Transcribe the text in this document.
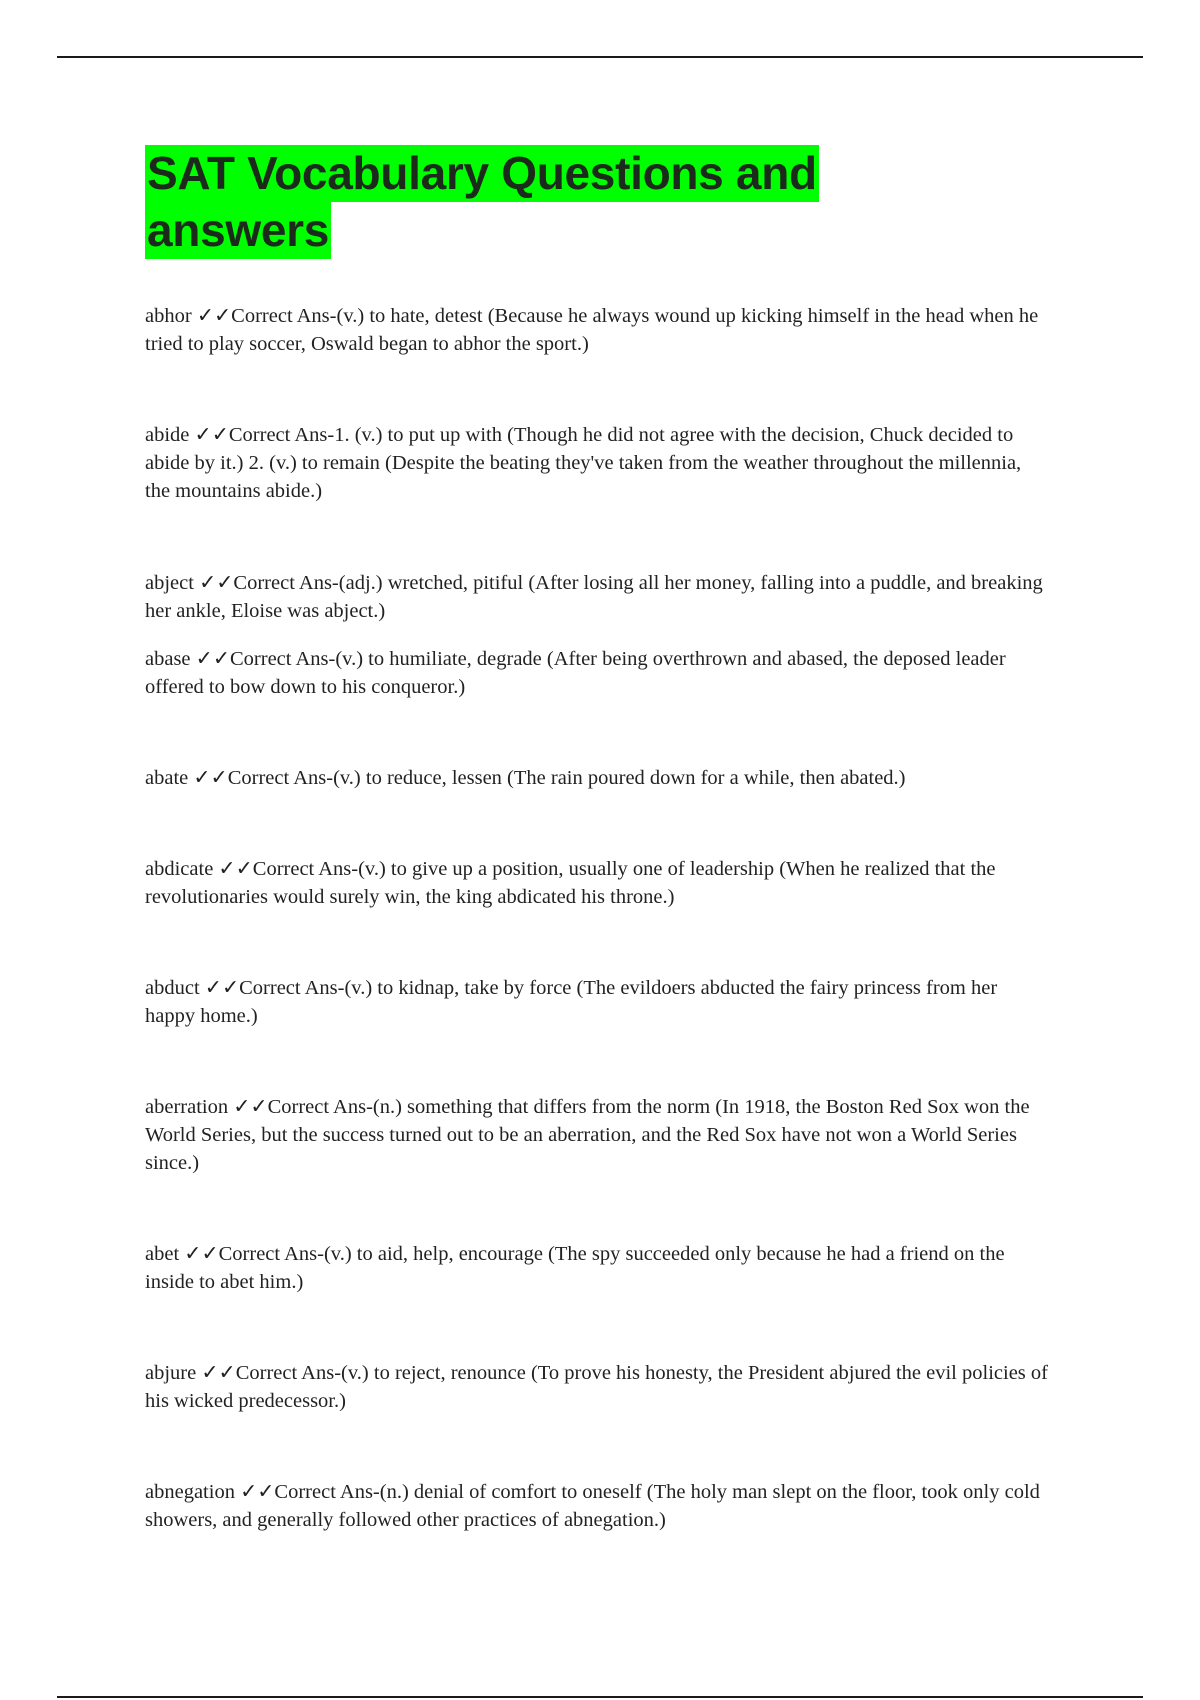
SAT Vocabulary Questions and
answers
abhor ✓✓Correct Ans-(v.) to hate, detest (Because he always wound up kicking himself in the head when he tried to play soccer, Oswald began to abhor the sport.)
abide ✓✓Correct Ans-1. (v.) to put up with (Though he did not agree with the decision, Chuck decided to abide by it.) 2. (v.) to remain (Despite the beating they've taken from the weather throughout the millennia, the mountains abide.)
abject ✓✓Correct Ans-(adj.) wretched, pitiful (After losing all her money, falling into a puddle, and breaking her ankle, Eloise was abject.)
abase ✓✓Correct Ans-(v.) to humiliate, degrade (After being overthrown and abased, the deposed leader offered to bow down to his conqueror.)
abate ✓✓Correct Ans-(v.) to reduce, lessen (The rain poured down for a while, then abated.)
abdicate ✓✓Correct Ans-(v.) to give up a position, usually one of leadership (When he realized that the revolutionaries would surely win, the king abdicated his throne.)
abduct ✓✓Correct Ans-(v.) to kidnap, take by force (The evildoers abducted the fairy princess from her happy home.)
aberration ✓✓Correct Ans-(n.) something that differs from the norm (In 1918, the Boston Red Sox won the World Series, but the success turned out to be an aberration, and the Red Sox have not won a World Series since.)
abet ✓✓Correct Ans-(v.) to aid, help, encourage (The spy succeeded only because he had a friend on the inside to abet him.)
abjure ✓✓Correct Ans-(v.) to reject, renounce (To prove his honesty, the President abjured the evil policies of his wicked predecessor.)
abnegation ✓✓Correct Ans-(n.) denial of comfort to oneself (The holy man slept on the floor, took only cold showers, and generally followed other practices of abnegation.)
